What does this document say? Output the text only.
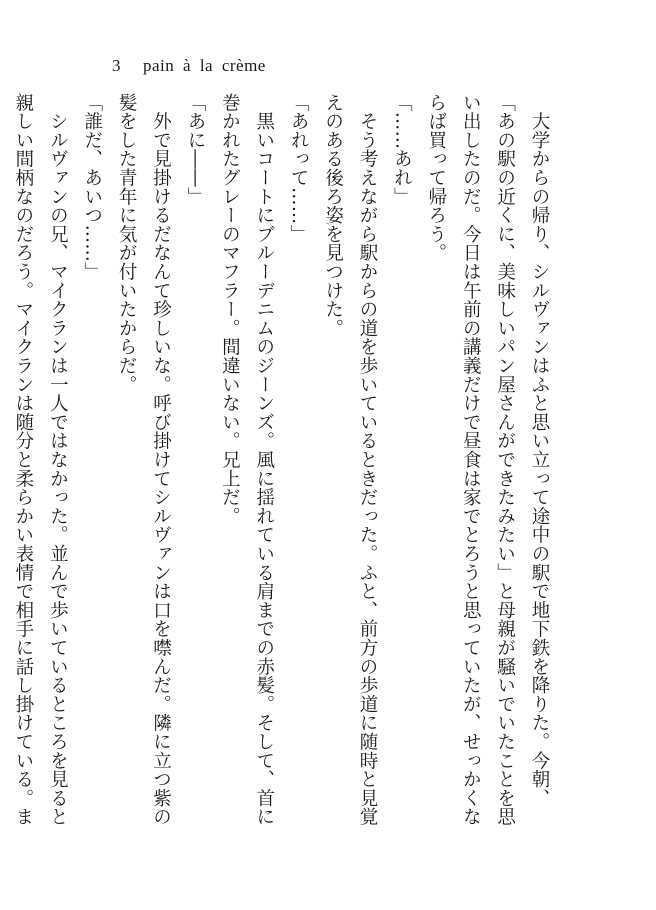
3 pain à la crème

　大学からの帰り、シルヴァンはふと思い立って途中の駅で地下鉄を降りた。今朝、「あの駅の近くに、美味しいパン屋さんができたみたい」と母親が騒いでいたことを思い出したのだ。今日は午前の講義だけで昼食は家でとろうと思っていたが、せっかくならば買って帰ろう。

「……あれ」

　そう考えながら駅からの道を歩いているときだった。ふと、前方の歩道に随時と見覚えのある後ろ姿を見つけた。

「あれって……」

　黒いコートにブルーデニムのジーンズ。風に揺れている肩までの赤髪。そして、首に巻かれたグレーのマフラー。間違いない。兄上だ。

「あに――」

　外で見掛けるだなんて珍しいな。呼び掛けてシルヴァンは口を噤んだ。隣に立つ紫の髪をした青年に気が付いたからだ。

「誰だ、あいつ……」

　シルヴァンの兄、マイクランは一人ではなかった。並んで歩いているところを見ると親しい間柄なのだろう。マイクランは随分と柔らかい表情で相手に話し掛けている。ま
